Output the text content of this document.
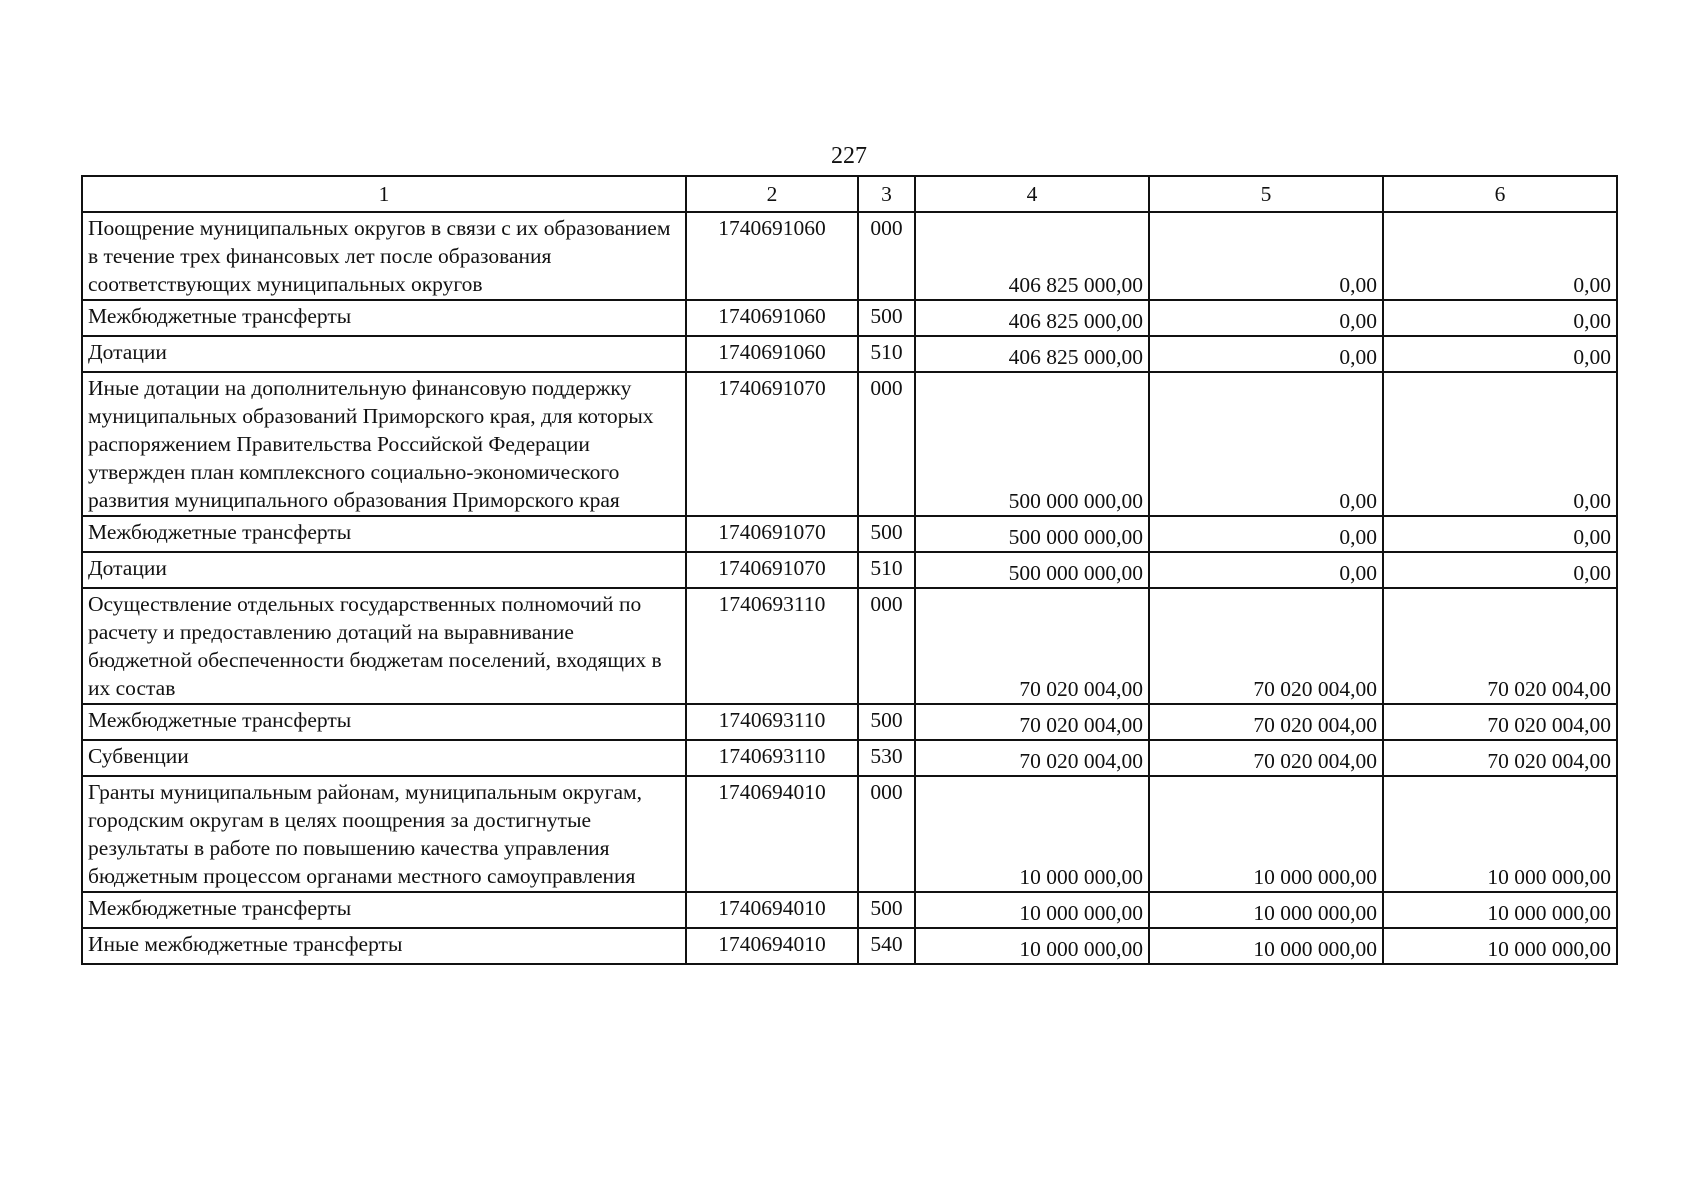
227
1	2	3	4	5	6
Поощрение муниципальных округов в связи с их образованием в течение трех финансовых лет после образования соответствующих муниципальных округов	1740691060	000	406 825 000,00	0,00	0,00
Межбюджетные трансферты	1740691060	500	406 825 000,00	0,00	0,00
Дотации	1740691060	510	406 825 000,00	0,00	0,00
Иные дотации на дополнительную финансовую поддержку муниципальных образований Приморского края, для которых распоряжением Правительства Российской Федерации утвержден план комплексного социально-экономического развития муниципального образования Приморского края	1740691070	000	500 000 000,00	0,00	0,00
Межбюджетные трансферты	1740691070	500	500 000 000,00	0,00	0,00
Дотации	1740691070	510	500 000 000,00	0,00	0,00
Осуществление отдельных государственных полномочий по расчету и предоставлению дотаций на выравнивание бюджетной обеспеченности бюджетам поселений, входящих в их состав	1740693110	000	70 020 004,00	70 020 004,00	70 020 004,00
Межбюджетные трансферты	1740693110	500	70 020 004,00	70 020 004,00	70 020 004,00
Субвенции	1740693110	530	70 020 004,00	70 020 004,00	70 020 004,00
Гранты муниципальным районам, муниципальным округам, городским округам в целях поощрения за достигнутые результаты в работе по повышению качества управления бюджетным процессом органами местного самоуправления	1740694010	000	10 000 000,00	10 000 000,00	10 000 000,00
Межбюджетные трансферты	1740694010	500	10 000 000,00	10 000 000,00	10 000 000,00
Иные межбюджетные трансферты	1740694010	540	10 000 000,00	10 000 000,00	10 000 000,00
